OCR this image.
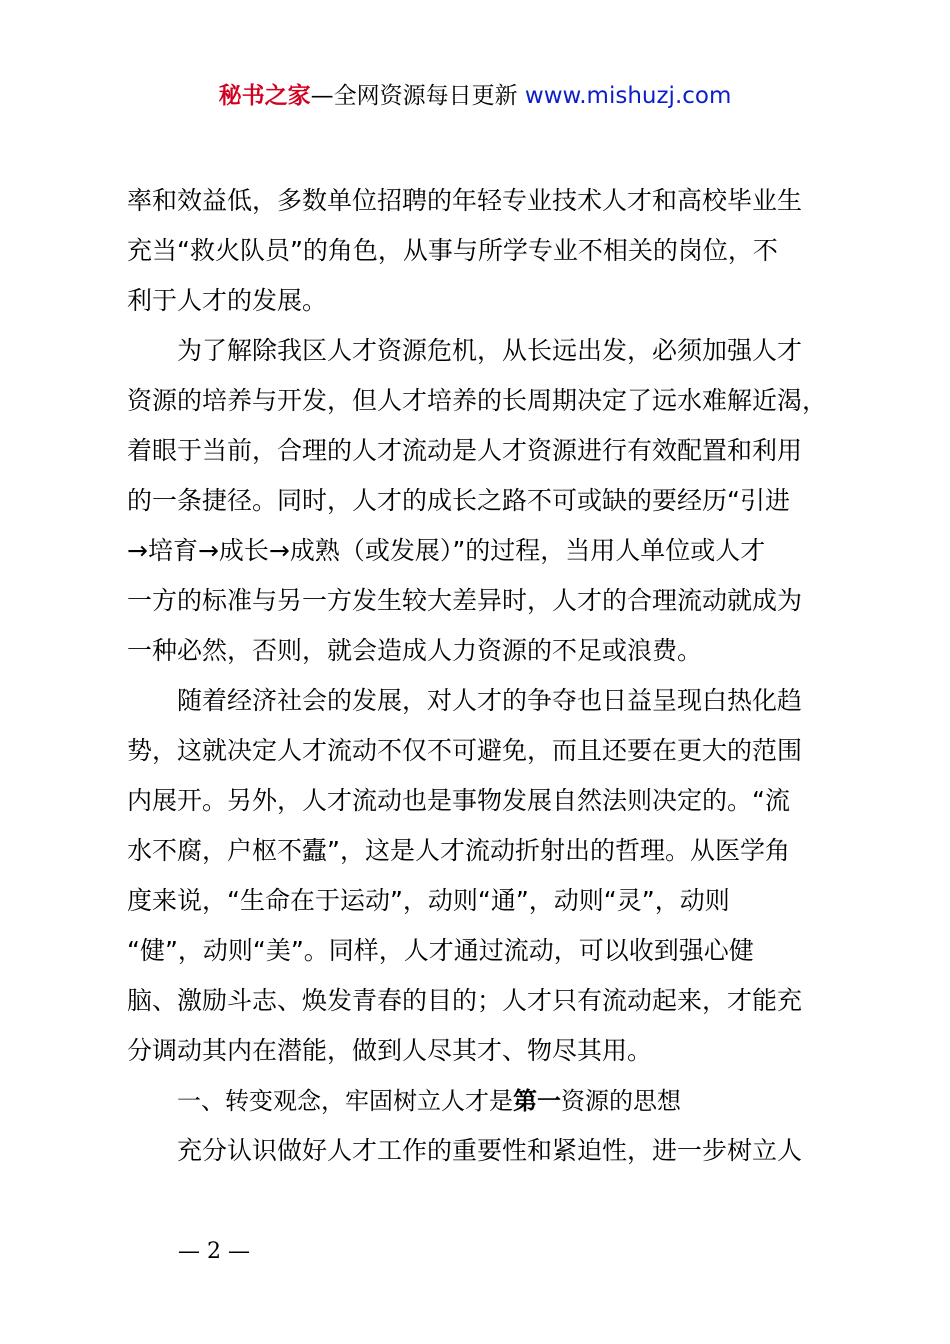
秘书之家—全网资源每日更新 www.mishuzj.com
率和效益低，多数单位招聘的年轻专业技术人才和高校毕业生
充当“救火队员”的角色，从事与所学专业不相关的岗位，不
利于人才的发展。
为了解除我区人才资源危机，从长远出发，必须加强人才
资源的培养与开发，但人才培养的长周期决定了远水难解近渴，
着眼于当前，合理的人才流动是人才资源进行有效配置和利用
的一条捷径。同时，人才的成长之路不可或缺的要经历“引进
→培育→成长→成熟（或发展）”的过程，当用人单位或人才
一方的标准与另一方发生较大差异时，人才的合理流动就成为
一种必然，否则，就会造成人力资源的不足或浪费。
随着经济社会的发展，对人才的争夺也日益呈现白热化趋
势，这就决定人才流动不仅不可避免，而且还要在更大的范围
内展开。另外，人才流动也是事物发展自然法则决定的。“流
水不腐，户枢不蠹”，这是人才流动折射出的哲理。从医学角
度来说，“生命在于运动”，动则“通”，动则“灵”，动则
“健”，动则“美”。同样，人才通过流动，可以收到强心健
脑、激励斗志、焕发青春的目的；人才只有流动起来，才能充
分调动其内在潜能，做到人尽其才、物尽其用。
一、转变观念，牢固树立人才是第一资源的思想
充分认识做好人才工作的重要性和紧迫性，进一步树立人
— 2 —
